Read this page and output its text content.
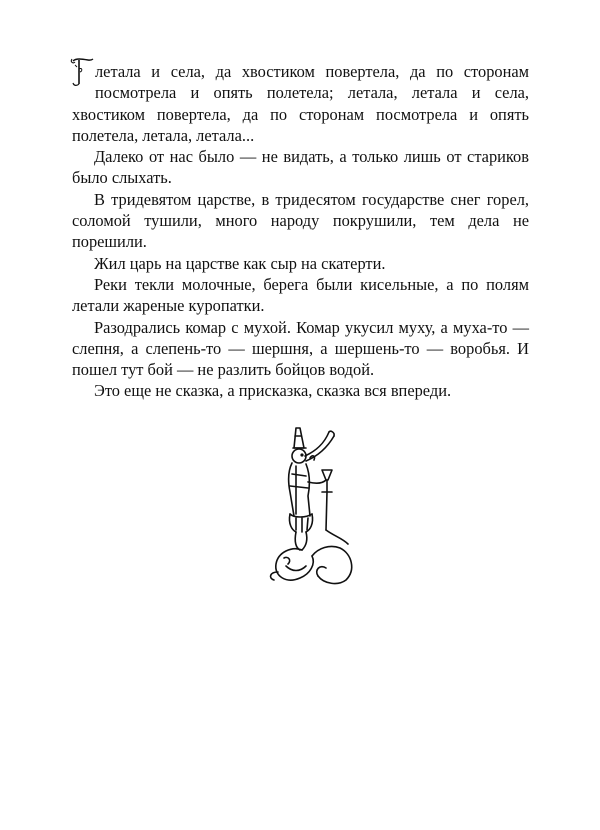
летала и села, да хвостиком повертела, да по сторонам посмотрела и опять полетела; летала, летала и села, хвостиком повертела, да по сторонам посмотрела и опять полетела, летала, летала...

Далеко от нас было — не видать, а только лишь от стариков было слыхать.

В тридевятом царстве, в тридесятом государстве снег горел, соломой тушили, много народу покрушили, тем дела не порешили.

Жил царь на царстве как сыр на скатерти.

Реки текли молочные, берега были кисельные, а по полям летали жареные куропатки.

Разодрались комар с мухой. Комар укусил муху, а муха-то — слепня, а слепень-то — шершня, а шершень-то — воробья. И пошел тут бой — не разлить бойцов водой.

Это еще не сказка, а присказка, сказка вся впереди.
